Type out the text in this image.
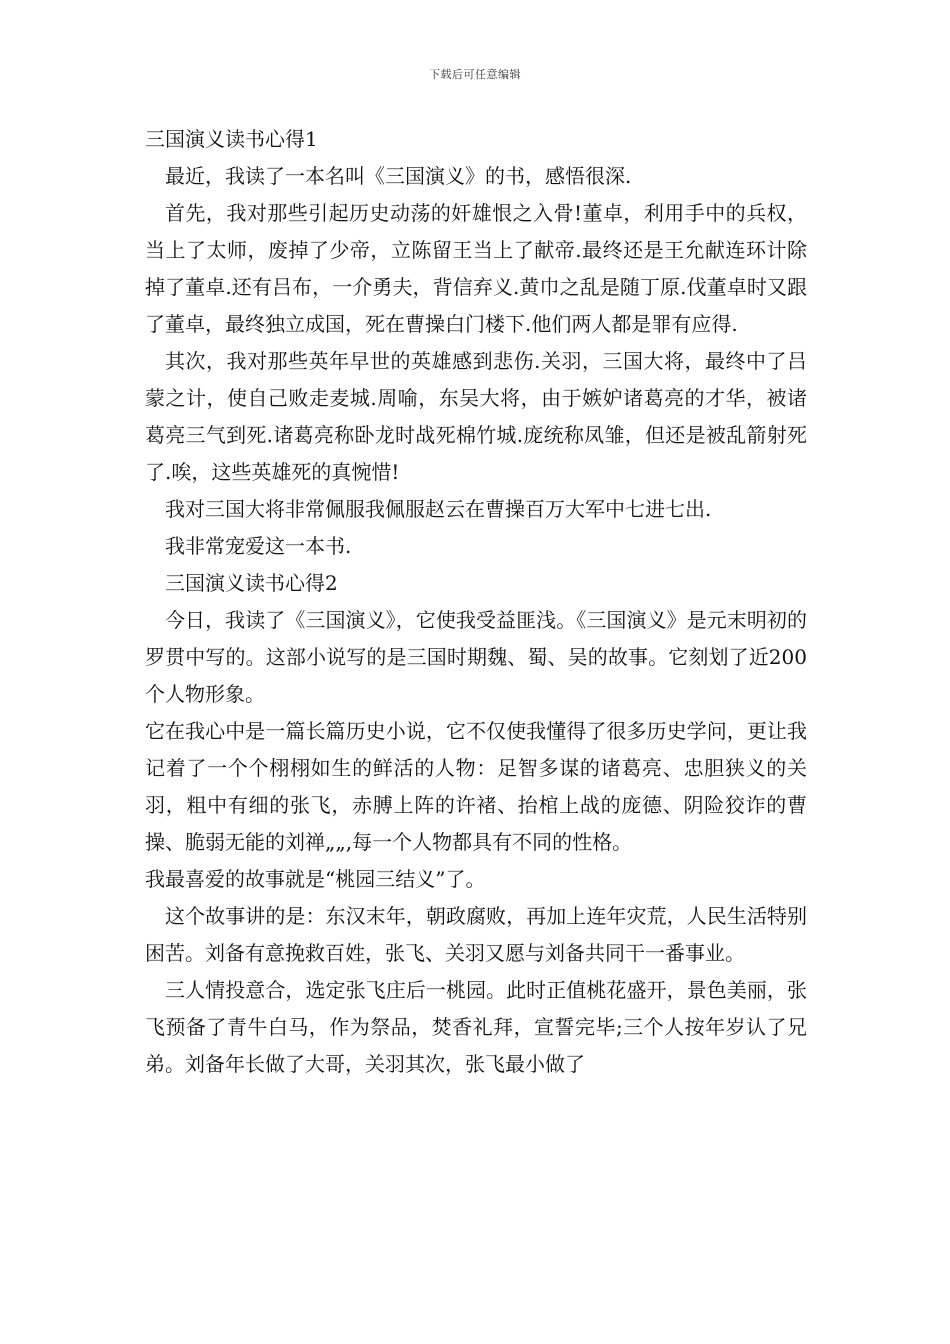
下载后可任意编辑

三国演义读书心得1

最近，我读了一本名叫《三国演义》的书，感悟很深.

首先，我对那些引起历史动荡的奸雄恨之入骨!董卓，利用手中的兵权，当上了太师，废掉了少帝，立陈留王当上了献帝.最终还是王允献连环计除掉了董卓.还有吕布，一介勇夫，背信弃义.黄巾之乱是随丁原.伐董卓时又跟了董卓，最终独立成国，死在曹操白门楼下.他们两人都是罪有应得.

其次，我对那些英年早世的英雄感到悲伤.关羽，三国大将，最终中了吕蒙之计，使自己败走麦城.周喻，东吴大将，由于嫉妒诸葛亮的才华，被诸葛亮三气到死.诸葛亮称卧龙时战死棉竹城.庞统称凤雏，但还是被乱箭射死了.唉，这些英雄死的真惋惜!

我对三国大将非常佩服我佩服赵云在曹操百万大军中七进七出.

我非常宠爱这一本书.

三国演义读书心得2

今日，我读了《三国演义》，它使我受益匪浅。《三国演义》是元末明初的罗贯中写的。这部小说写的是三国时期魏、蜀、吴的故事。它刻划了近200个人物形象。

它在我心中是一篇长篇历史小说，它不仅使我懂得了很多历史学问，更让我记着了一个个栩栩如生的鲜活的人物：足智多谋的诸葛亮、忠胆狭义的关羽，粗中有细的张飞，赤膊上阵的许褚、抬棺上战的庞德、阴险狡诈的曹操、脆弱无能的刘禅„„,每一个人物都具有不同的性格。

我最喜爱的故事就是“桃园三结义”了。

这个故事讲的是：东汉末年，朝政腐败，再加上连年灾荒，人民生活特别困苦。刘备有意挽救百姓，张飞、关羽又愿与刘备共同干一番事业。

三人情投意合，选定张飞庄后一桃园。此时正值桃花盛开，景色美丽，张飞预备了青牛白马，作为祭品，焚香礼拜，宣誓完毕;三个人按年岁认了兄弟。刘备年长做了大哥，关羽其次，张飞最小做了
